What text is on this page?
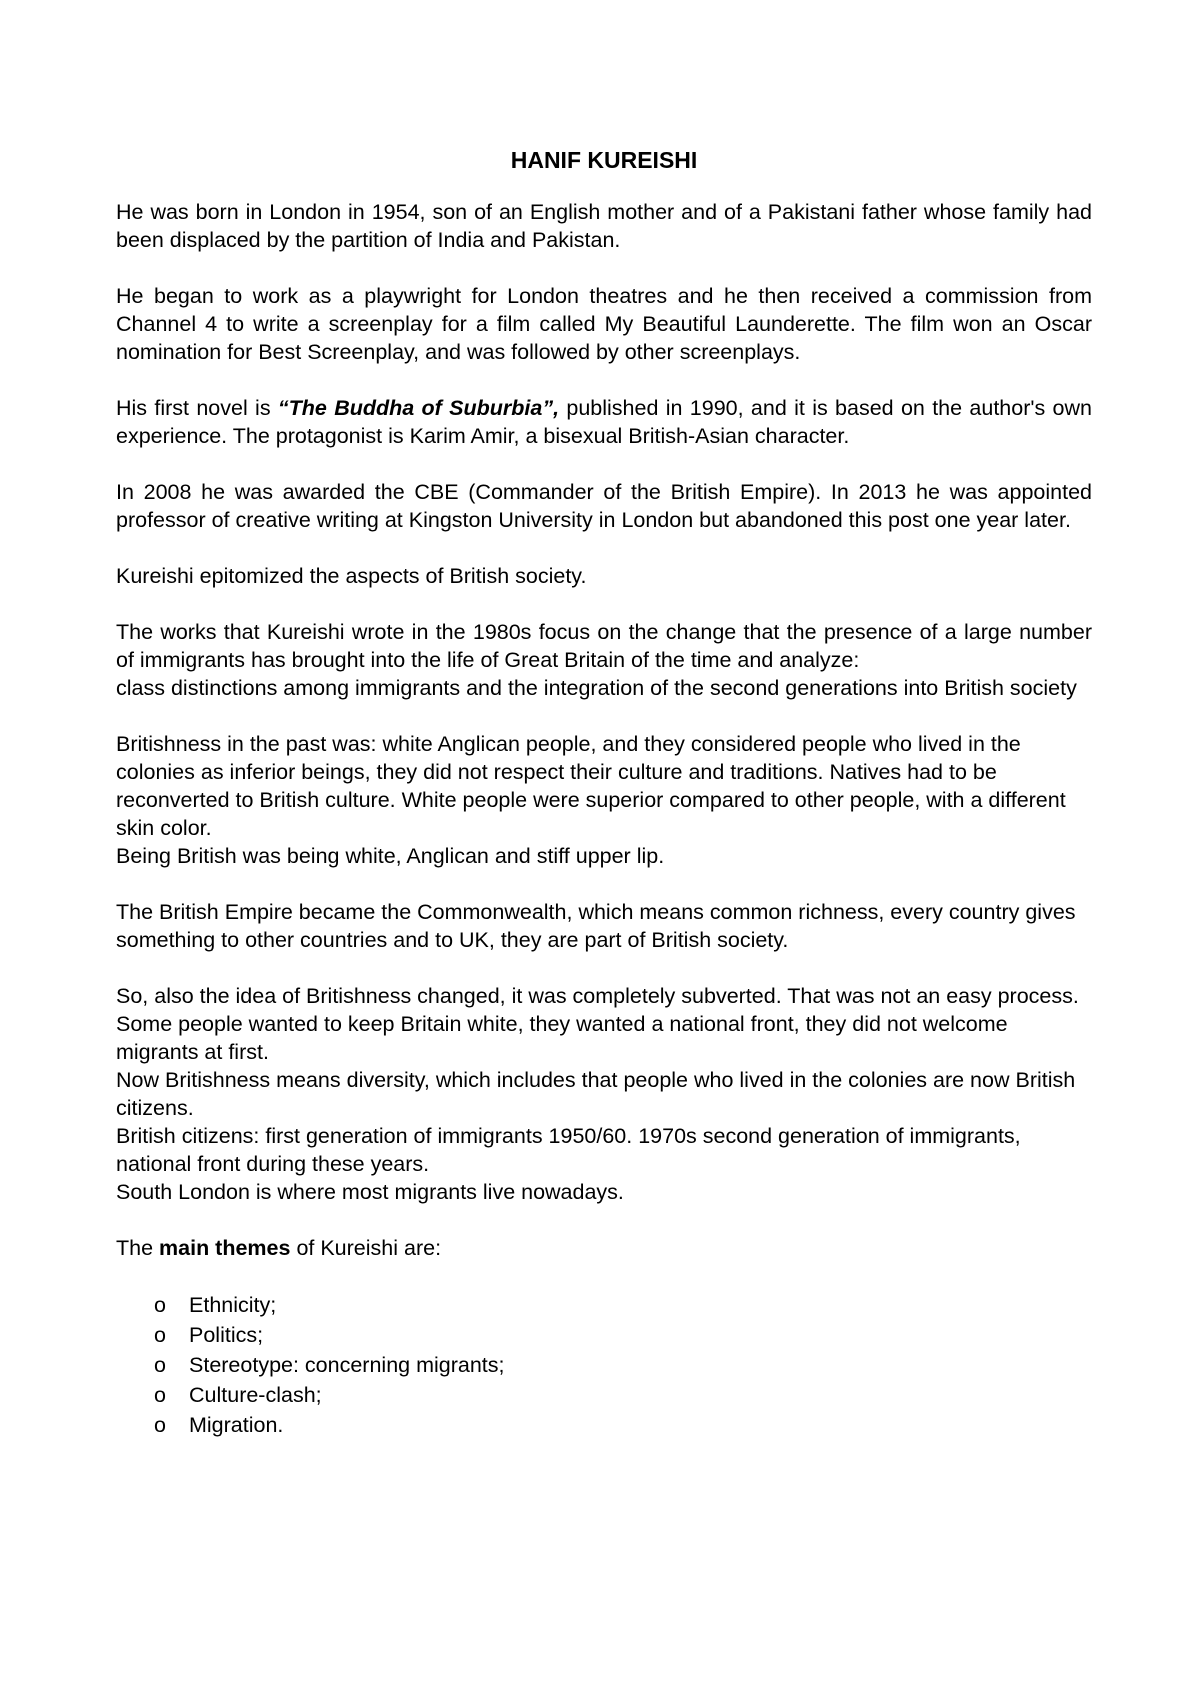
HANIF KUREISHI

He was born in London in 1954, son of an English mother and of a Pakistani father whose family had been displaced by the partition of India and Pakistan.

He began to work as a playwright for London theatres and he then received a commission from Channel 4 to write a screenplay for a film called My Beautiful Launderette. The film won an Oscar nomination for Best Screenplay, and was followed by other screenplays.

His first novel is “The Buddha of Suburbia”, published in 1990, and it is based on the author's own experience. The protagonist is Karim Amir, a bisexual British-Asian character.

In 2008 he was awarded the CBE (Commander of the British Empire). In 2013 he was appointed professor of creative writing at Kingston University in London but abandoned this post one year later.

Kureishi epitomized the aspects of British society.

The works that Kureishi wrote in the 1980s focus on the change that the presence of a large number of immigrants has brought into the life of Great Britain of the time and analyze:
class distinctions among immigrants and the integration of the second generations into British society

Britishness in the past was: white Anglican people, and they considered people who lived in the colonies as inferior beings, they did not respect their culture and traditions. Natives had to be reconverted to British culture. White people were superior compared to other people, with a different skin color.
Being British was being white, Anglican and stiff upper lip.

The British Empire became the Commonwealth, which means common richness, every country gives something to other countries and to UK, they are part of British society.

So, also the idea of Britishness changed, it was completely subverted. That was not an easy process. Some people wanted to keep Britain white, they wanted a national front, they did not welcome migrants at first.
Now Britishness means diversity, which includes that people who lived in the colonies are now British citizens.
British citizens: first generation of immigrants 1950/60. 1970s second generation of immigrants, national front during these years.
South London is where most migrants live nowadays.

The main themes of Kureishi are:

o Ethnicity;
o Politics;
o Stereotype: concerning migrants;
o Culture-clash;
o Migration.
